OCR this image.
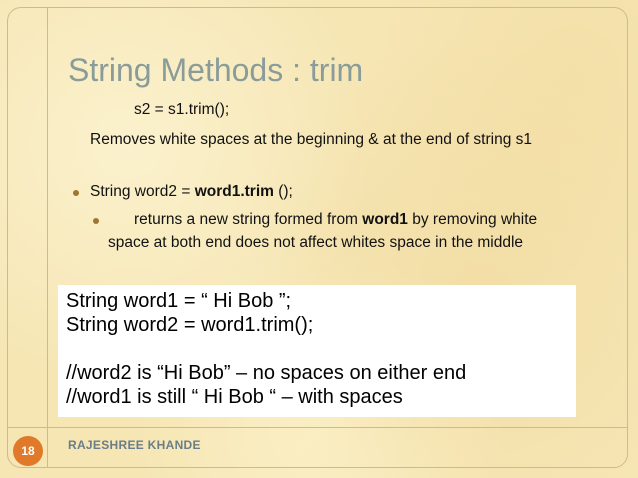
String Methods : trim
s2 = s1.trim();
Removes white spaces at the beginning & at the end of string s1
String word2 = word1.trim ();
returns a new string formed from word1 by removing white
space at both end does not affect whites space in the middle
String word1 = “ Hi Bob ”;
String word2 = word1.trim();
//word2 is “Hi Bob” – no spaces on either end
//word1 is still “ Hi Bob “ – with spaces
18	RAJESHREE KHANDE
